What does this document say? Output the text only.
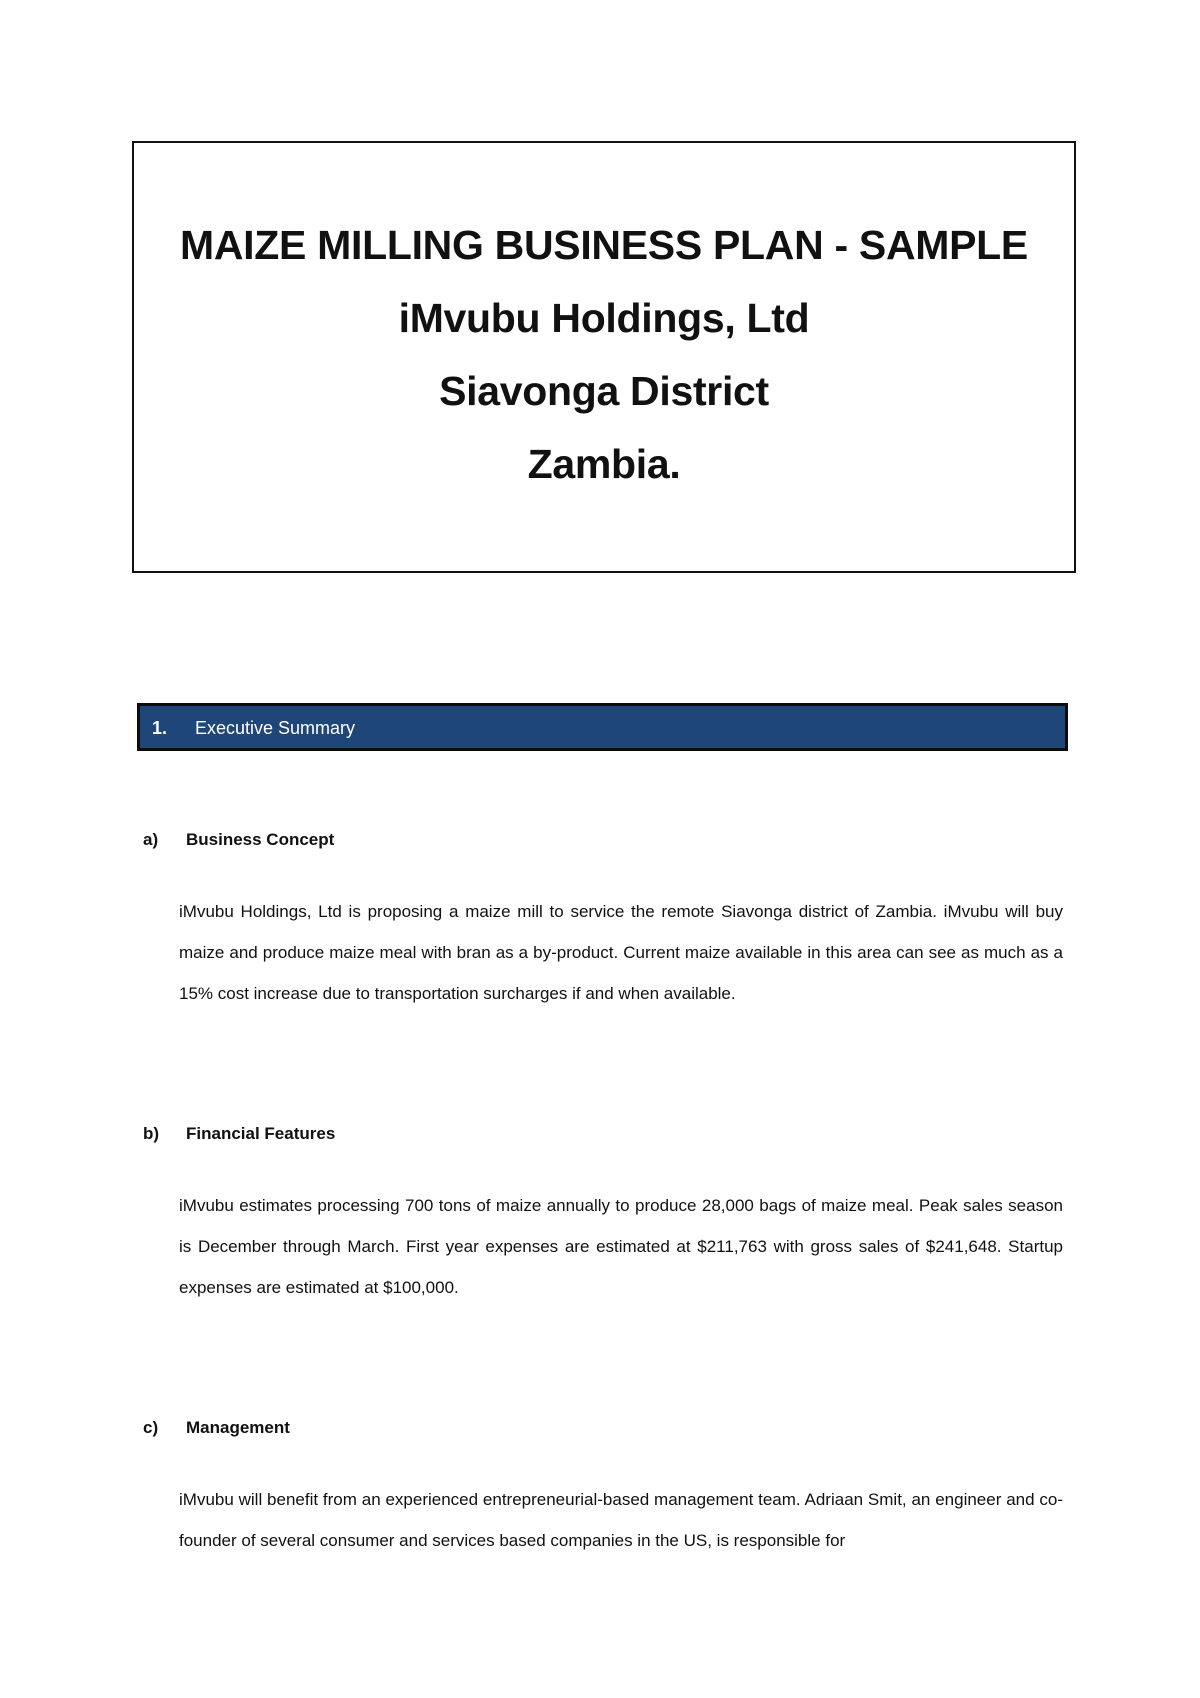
MAIZE MILLING BUSINESS PLAN - SAMPLE
iMvubu Holdings, Ltd
Siavonga District
Zambia.
1. Executive Summary
a) Business Concept
iMvubu Holdings, Ltd is proposing a maize mill to service the remote Siavonga district of Zambia. iMvubu will buy maize and produce maize meal with bran as a by-product. Current maize available in this area can see as much as a 15% cost increase due to transportation surcharges if and when available.
b) Financial Features
iMvubu estimates processing 700 tons of maize annually to produce 28,000 bags of maize meal. Peak sales season is December through March. First year expenses are estimated at $211,763 with gross sales of $241,648. Startup expenses are estimated at $100,000.
c) Management
iMvubu will benefit from an experienced entrepreneurial-based management team. Adriaan Smit, an engineer and co-founder of several consumer and services based companies in the US, is responsible for
